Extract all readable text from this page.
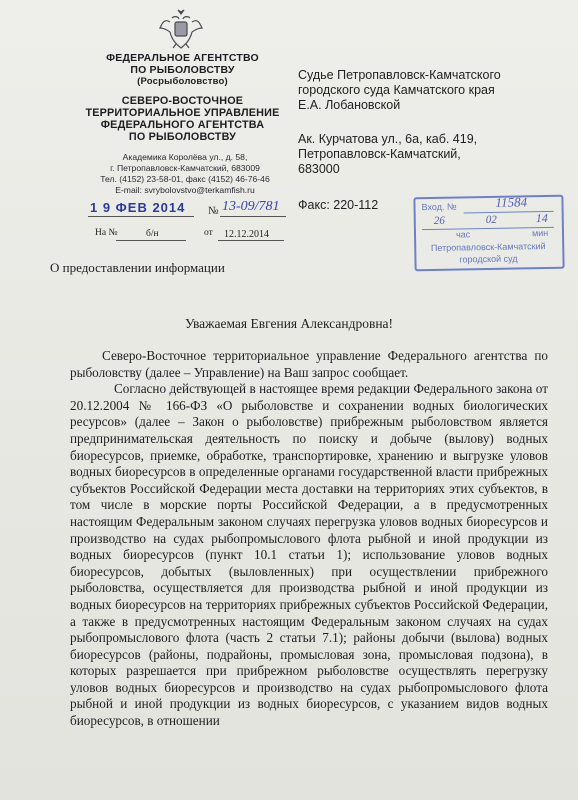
ФЕДЕРАЛЬНОЕ АГЕНТСТВО
ПО РЫБОЛОВСТВУ
(Росрыболовство)
СЕВЕРО-ВОСТОЧНОЕ
ТЕРРИТОРИАЛЬНОЕ УПРАВЛЕНИЕ
ФЕДЕРАЛЬНОГО АГЕНТСТВА
ПО РЫБОЛОВСТВУ
Академика Королёва ул., д. 58,
г. Петропавловск-Камчатский, 683009
Тел. (4152) 23-58-01, факс (4152) 46-76-46
E-mail: svrybolovstvo@terkamfish.ru
1 9 ФЕВ 2014 № 13-09/781
На №	б/н	от 12.12.2014
Судье Петропавловск-Камчатского
городского суда Камчатского края
Е.А. Лобановской
Ак. Курчатова ул., 6а, каб. 419,
Петропавловск-Камчатский,
683000
Факс: 220-112	Вход. №	11584
26	02	14
час	мин
Петропавловск-Камчатский
городской суд
О предоставлении информации
Уважаемая Евгения Александровна!

Северо-Восточное территориальное управление Федерального агентства по рыболовству (далее – Управление) на Ваш запрос сообщает.

Согласно действующей в настоящее время редакции Федерального закона от 20.12.2004 № 166-ФЗ «О рыболовстве и сохранении водных биологических ресурсов» (далее – Закон о рыболовстве) прибрежным рыболовством является предпринимательская деятельность по поиску и добыче (вылову) водных биоресурсов, приемке, обработке, транспортировке, хранению и выгрузке уловов водных биоресурсов в определенные органами государственной власти прибрежных субъектов Российской Федерации места доставки на территориях этих субъектов, в том числе в морские порты Российской Федерации, а в предусмотренных настоящим Федеральным законом случаях перегрузка уловов водных биоресурсов и производство на судах рыбопромыслового флота рыбной и иной продукции из водных биоресурсов (пункт 10.1 статьи 1); использование уловов водных биоресурсов, добытых (выловленных) при осуществлении прибрежного рыболовства, осуществляется для производства рыбной и иной продукции из водных биоресурсов на территориях прибрежных субъектов Российской Федерации, а также в предусмотренных настоящим Федеральным законом случаях на судах рыбопромыслового флота (часть 2 статьи 7.1); районы добычи (вылова) водных биоресурсов (районы, подрайоны, промысловая зона, промысловая подзона), в которых разрешается при прибрежном рыболовстве осуществлять перегрузку уловов водных биоресурсов и производство на судах рыбопромыслового флота рыбной и иной продукции из водных биоресурсов, с указанием видов водных биоресурсов, в отношении
